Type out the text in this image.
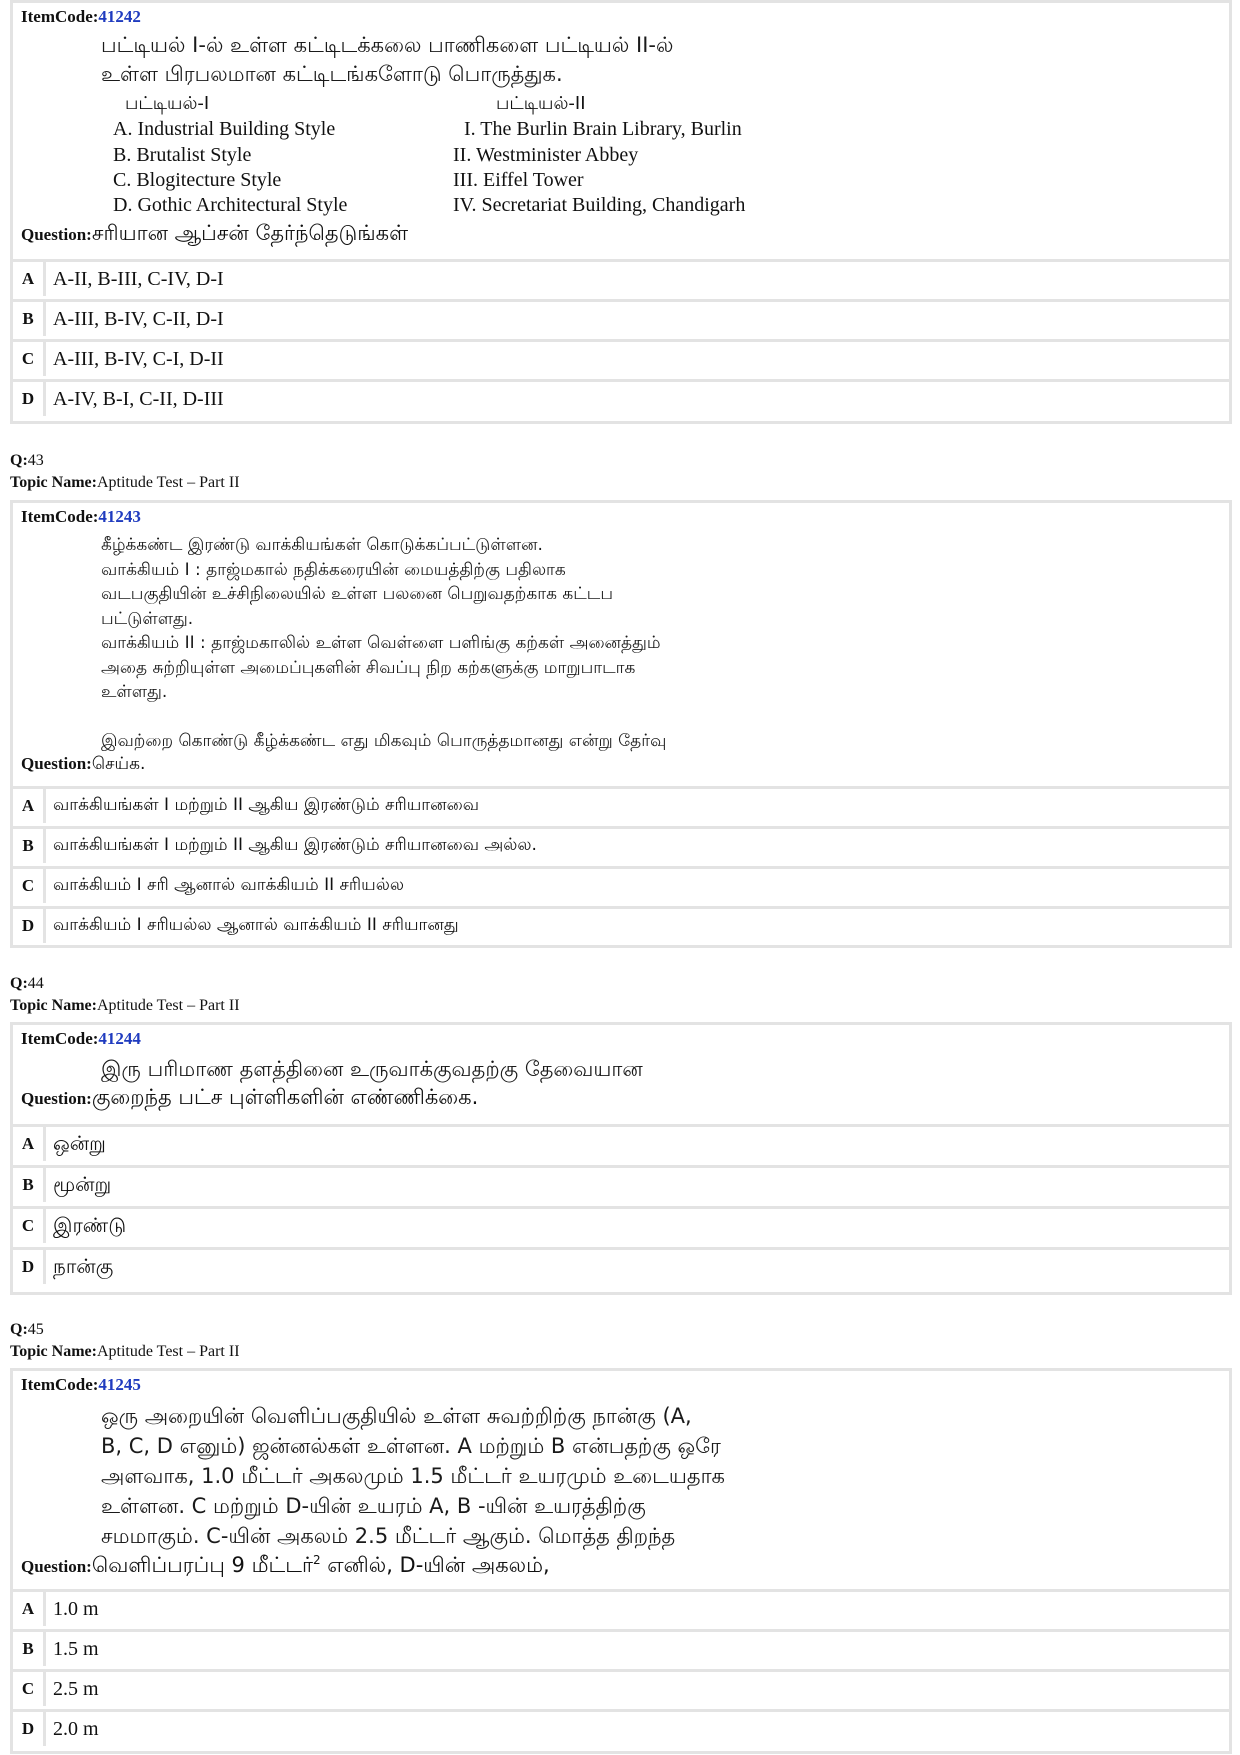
ItemCode:41242
பட்டியல் I-ல் உள்ள கட்டிடக்கலை பாணிகளை பட்டியல் II-ல்
உள்ள பிரபலமான கட்டிடங்களோடு பொருத்துக.
பட்டியல்-I	பட்டியல்-II
A. Industrial Building Style	I. The Burlin Brain Library, Burlin
B. Brutalist Style	II. Westminister Abbey
C. Blogitecture Style	III. Eiffel Tower
D. Gothic Architectural Style	IV. Secretariat Building, Chandigarh
Question:சரியான ஆப்சன் தேர்ந்தெடுங்கள்
A A-II, B-III, C-IV, D-I
B A-III, B-IV, C-II, D-I
C A-III, B-IV, C-I, D-II
D A-IV, B-I, C-II, D-III
Q:43
Topic Name:Aptitude Test – Part II
ItemCode:41243
கீழ்க்கண்ட இரண்டு வாக்கியங்கள் கொடுக்கப்பட்டுள்ளன.
வாக்கியம் I : தாஜ்மகால் நதிக்கரையின் மையத்திற்கு பதிலாக
வடபகுதியின் உச்சிநிலையில் உள்ள பலனை பெறுவதற்காக கட்டப
பட்டுள்ளது.
வாக்கியம் II : தாஜ்மகாலில் உள்ள வெள்ளை பளிங்கு கற்கள் அனைத்தும்
அதை சுற்றியுள்ள அமைப்புகளின் சிவப்பு நிற கற்களுக்கு மாறுபாடாக
உள்ளது.
இவற்றை கொண்டு கீழ்க்கண்ட எது மிகவும் பொருத்தமானது என்று தேர்வு
Question:செய்க.
A	வாக்கியங்கள் I மற்றும் II ஆகிய இரண்டும் சரியானவை
B	வாக்கியங்கள் I மற்றும் II ஆகிய இரண்டும் சரியானவை அல்ல.
C	வாக்கியம் I சரி ஆனால் வாக்கியம் II சரியல்ல
D	வாக்கியம் I சரியல்ல ஆனால் வாக்கியம் II சரியானது
Q:44
Topic Name:Aptitude Test – Part II
ItemCode:41244
இரு பரிமாண தளத்தினை உருவாக்குவதற்கு தேவையான
Question:குறைந்த பட்ச புள்ளிகளின் எண்ணிக்கை.
A ஒன்று
B மூன்று
C இரண்டு
D நான்கு
Q:45
Topic Name:Aptitude Test – Part II
ItemCode:41245
ஒரு அறையின் வெளிப்பகுதியில் உள்ள சுவற்றிற்கு நான்கு (A,
B, C, D எனும்) ஜன்னல்கள் உள்ளன. A மற்றும் B என்பதற்கு ஒரே
அளவாக, 1.0 மீட்டர் அகலமும் 1.5 மீட்டர் உயரமும் உடையதாக
உள்ளன. C மற்றும் D-யின் உயரம் A, B -யின் உயரத்திற்கு
சமமாகும். C-யின் அகலம் 2.5 மீட்டர் ஆகும். மொத்த திறந்த
Question:வெளிப்பரப்பு 9 மீட்டர்$^2$ எனில், D-யின் அகலம்,
A 1.0 m
B 1.5 m
C 2.5 m
D 2.0 m
